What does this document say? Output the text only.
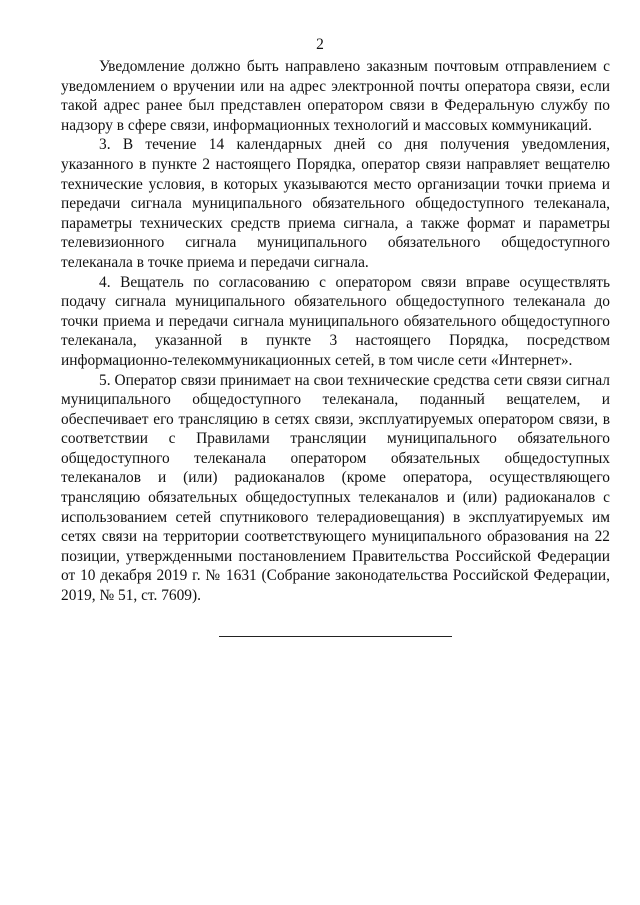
2

Уведомление должно быть направлено заказным почтовым отправлением с уведомлением о вручении или на адрес электронной почты оператора связи, если такой адрес ранее был представлен оператором связи в Федеральную службу по надзору в сфере связи, информационных технологий и массовых коммуникаций.

3. В течение 14 календарных дней со дня получения уведомления, указанного в пункте 2 настоящего Порядка, оператор связи направляет вещателю технические условия, в которых указываются место организации точки приема и передачи сигнала муниципального обязательного общедоступного телеканала, параметры технических средств приема сигнала, а также формат и параметры телевизионного сигнала муниципального обязательного общедоступного телеканала в точке приема и передачи сигнала.

4. Вещатель по согласованию с оператором связи вправе осуществлять подачу сигнала муниципального обязательного общедоступного телеканала до точки приема и передачи сигнала муниципального обязательного общедоступного телеканала, указанной в пункте 3 настоящего Порядка, посредством информационно-телекоммуникационных сетей, в том числе сети «Интернет».

5. Оператор связи принимает на свои технические средства сети связи сигнал муниципального общедоступного телеканала, поданный вещателем, и обеспечивает его трансляцию в сетях связи, эксплуатируемых оператором связи, в соответствии с Правилами трансляции муниципального обязательного общедоступного телеканала оператором обязательных общедоступных телеканалов и (или) радиоканалов (кроме оператора, осуществляющего трансляцию обязательных общедоступных телеканалов и (или) радиоканалов с использованием сетей спутникового телерадиовещания) в эксплуатируемых им сетях связи на территории соответствующего муниципального образования на 22 позиции, утвержденными постановлением Правительства Российской Федерации от 10 декабря 2019 г. № 1631 (Собрание законодательства Российской Федерации, 2019, № 51, ст. 7609).
